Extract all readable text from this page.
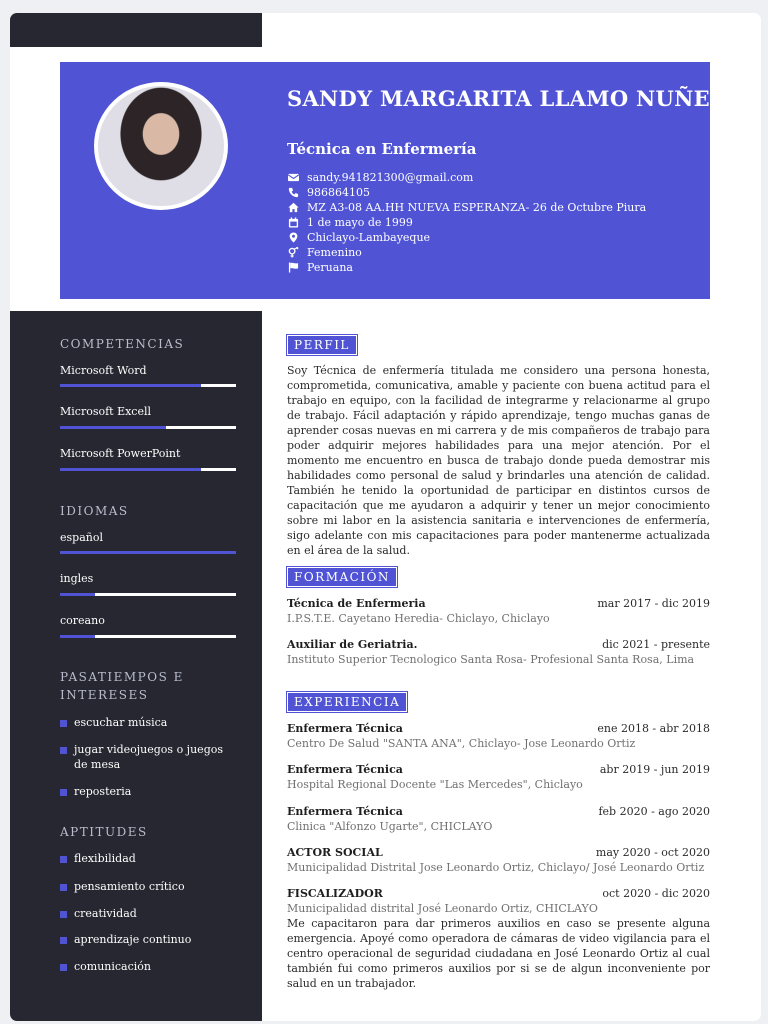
SANDY MARGARITA LLAMO NUÑEZ
Técnica en Enfermería
sandy.941821300@gmail.com
986864105
MZ A3-08 AA.HH NUEVA ESPERANZA- 26 de Octubre Piura
1 de mayo de 1999
Chiclayo-Lambayeque
Femenino
Peruana
COMPETENCIAS
Microsoft Word
Microsoft Excell
Microsoft PowerPoint
IDIOMAS
español
ingles
coreano
PASATIEMPOS E INTERESES
escuchar música
jugar videojuegos o juegos de mesa
reposteria
APTITUDES
flexibilidad
pensamiento crítico
creatividad
aprendizaje continuo
comunicación
PERFIL
Soy Técnica de enfermería titulada me considero una persona honesta, comprometida, comunicativa, amable y paciente con buena actitud para el trabajo en equipo, con la facilidad de integrarme y relacionarme al grupo de trabajo. Fácil adaptación y rápido aprendizaje, tengo muchas ganas de aprender cosas nuevas en mi carrera y de mis compañeros de trabajo para poder adquirir mejores habilidades para una mejor atención. Por el momento me encuentro en busca de trabajo donde pueda demostrar mis habilidades como personal de salud y brindarles una atención de calidad. También he tenido la oportunidad de participar en distintos cursos de capacitación que me ayudaron a adquirir y tener un mejor conocimiento sobre mi labor en la asistencia sanitaria e intervenciones de enfermería, sigo adelante con mis capacitaciones para poder mantenerme actualizada en el área de la salud.
FORMACIÓN
Técnica de Enfermeria	mar 2017 - dic 2019
I.P.S.T.E. Cayetano Heredia- Chiclayo, Chiclayo
Auxiliar de Geriatria.	dic 2021 - presente
Instituto Superior Tecnologico Santa Rosa- Profesional Santa Rosa, Lima
EXPERIENCIA
Enfermera Técnica	ene 2018 - abr 2018
Centro De Salud "SANTA ANA", Chiclayo- Jose Leonardo Ortiz
Enfermera Técnica	abr 2019 - jun 2019
Hospital Regional Docente "Las Mercedes", Chiclayo
Enfermera Técnica	feb 2020 - ago 2020
Clinica "Alfonzo Ugarte", CHICLAYO
ACTOR SOCIAL	may 2020 - oct 2020
Municipalidad Distrital Jose Leonardo Ortiz, Chiclayo/ José Leonardo Ortiz
FISCALIZADOR	oct 2020 - dic 2020
Municipalidad distrital José Leonardo Ortiz, CHICLAYO
Me capacitaron para dar primeros auxilios en caso se presente alguna emergencia. Apoyé como operadora de cámaras de video vigilancia para el centro operacional de seguridad ciudadana en José Leonardo Ortiz al cual también fui como primeros auxilios por si se de algun inconveniente por salud en un trabajador.
